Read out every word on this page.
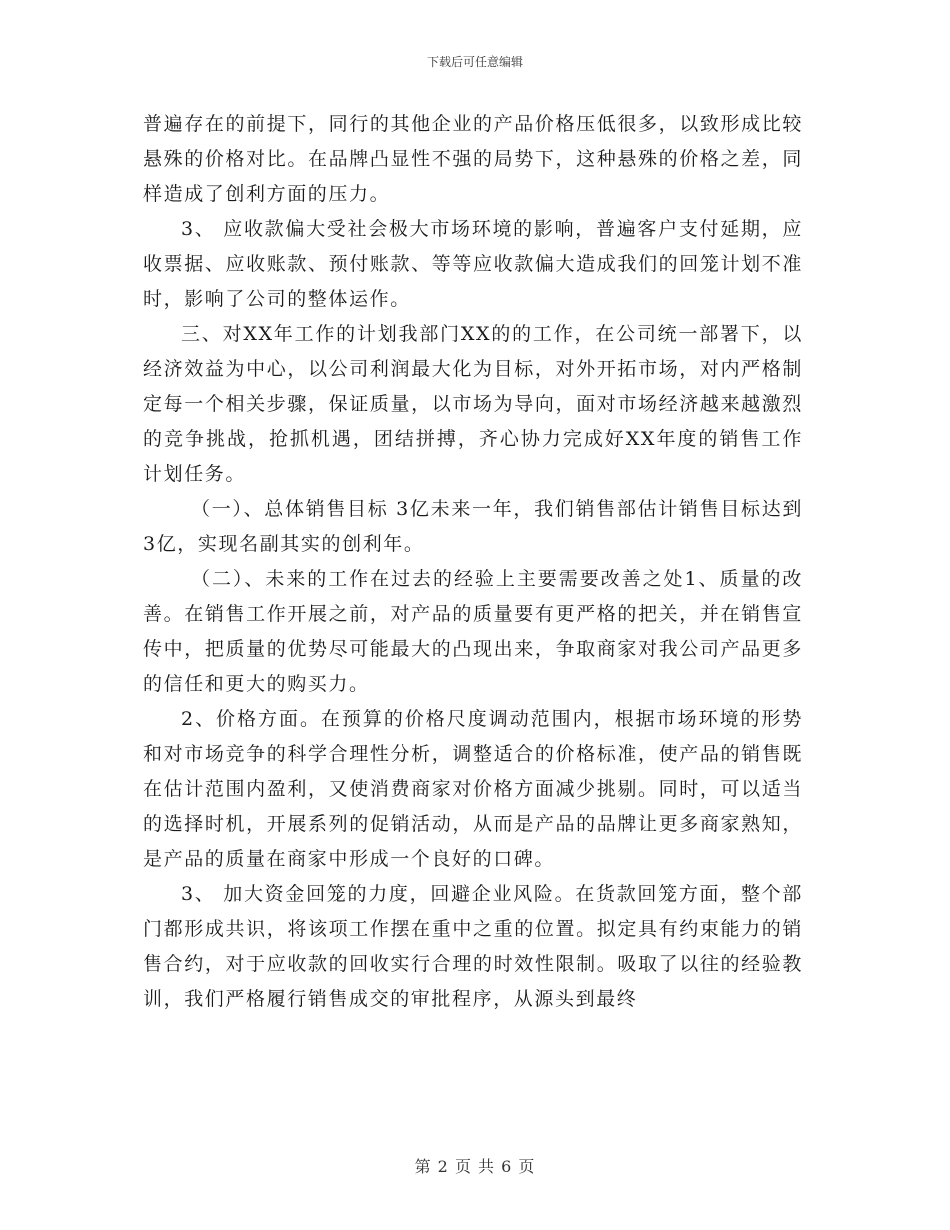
下载后可任意编辑

普遍存在的前提下，同行的其他企业的产品价格压低很多，以致形成比较悬殊的价格对比。在品牌凸显性不强的局势下，这种悬殊的价格之差，同样造成了创利方面的压力。

3、 应收款偏大受社会极大市场环境的影响，普遍客户支付延期，应收票据、应收账款、预付账款、等等应收款偏大造成我们的回笼计划不准时，影响了公司的整体运作。

三、对XX年工作的计划我部门XX的的工作，在公司统一部署下，以经济效益为中心，以公司利润最大化为目标，对外开拓市场，对内严格制定每一个相关步骤，保证质量，以市场为导向，面对市场经济越来越激烈的竞争挑战，抢抓机遇，团结拼搏，齐心协力完成好XX年度的销售工作计划任务。

（一）、总体销售目标 3亿未来一年，我们销售部估计销售目标达到3亿，实现名副其实的创利年。

（二）、未来的工作在过去的经验上主要需要改善之处1、质量的改善。在销售工作开展之前，对产品的质量要有更严格的把关，并在销售宣传中，把质量的优势尽可能最大的凸现出来，争取商家对我公司产品更多的信任和更大的购买力。

2、价格方面。在预算的价格尺度调动范围内，根据市场环境的形势和对市场竞争的科学合理性分析，调整适合的价格标准，使产品的销售既在估计范围内盈利，又使消费商家对价格方面减少挑剔。同时，可以适当的选择时机，开展系列的促销活动，从而是产品的品牌让更多商家熟知，是产品的质量在商家中形成一个良好的口碑。

3、 加大资金回笼的力度，回避企业风险。在货款回笼方面，整个部门都形成共识，将该项工作摆在重中之重的位置。拟定具有约束能力的销售合约，对于应收款的回收实行合理的时效性限制。吸取了以往的经验教训，我们严格履行销售成交的审批程序，从源头到最终

第 2 页 共 6 页
